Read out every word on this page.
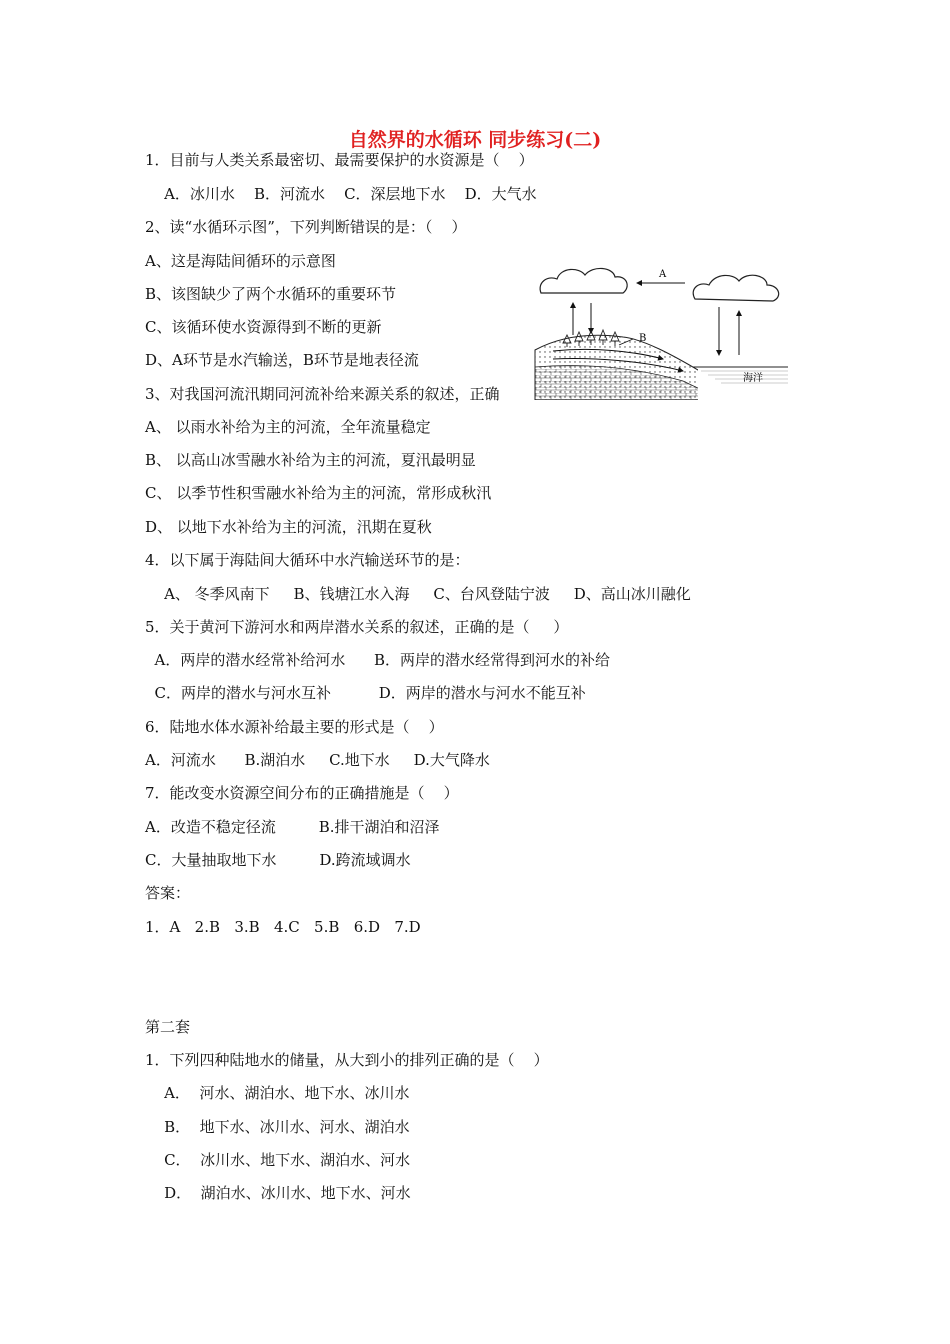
自然界的水循环 同步练习(二)
1．目前与人类关系最密切、最需要保护的水资源是（    ）
A．冰川水    B．河流水    C．深层地下水    D．大气水
2、读“水循环示图”，下列判断错误的是：（    ）
A、这是海陆间循环的示意图
B、该图缺少了两个水循环的重要环节
C、该循环使水资源得到不断的更新
D、A环节是水汽输送，B环节是地表径流
3、对我国河流汛期同河流补给来源关系的叙述，正确
A
海洋
B
A、 以雨水补给为主的河流，全年流量稳定
B、 以高山冰雪融水补给为主的河流，夏汛最明显
C、 以季节性积雪融水补给为主的河流，常形成秋汛
D、 以地下水补给为主的河流，汛期在夏秋
4．以下属于海陆间大循环中水汽输送环节的是：
A、 冬季风南下     B、钱塘江水入海     C、台风登陆宁波     D、高山冰川融化
5．关于黄河下游河水和两岸潜水关系的叙述，正确的是（     ）
A．两岸的潜水经常补给河水      B．两岸的潜水经常得到河水的补给
C．两岸的潜水与河水互补          D．两岸的潜水与河水不能互补
6．陆地水体水源补给最主要的形式是（    ）
A．河流水      B.湖泊水     C.地下水     D.大气降水
7．能改变水资源空间分布的正确措施是（    ）
A．改造不稳定径流         B.排干湖泊和沼泽
C．大量抽取地下水         D.跨流域调水
答案：
1．A   2.B   3.B   4.C   5.B   6.D   7.D
第二套
1．下列四种陆地水的储量，从大到小的排列正确的是（    ）
A．  河水、湖泊水、地下水、冰川水
B．  地下水、冰川水、河水、湖泊水
C．  冰川水、地下水、湖泊水、河水
D．  湖泊水、冰川水、地下水、河水
